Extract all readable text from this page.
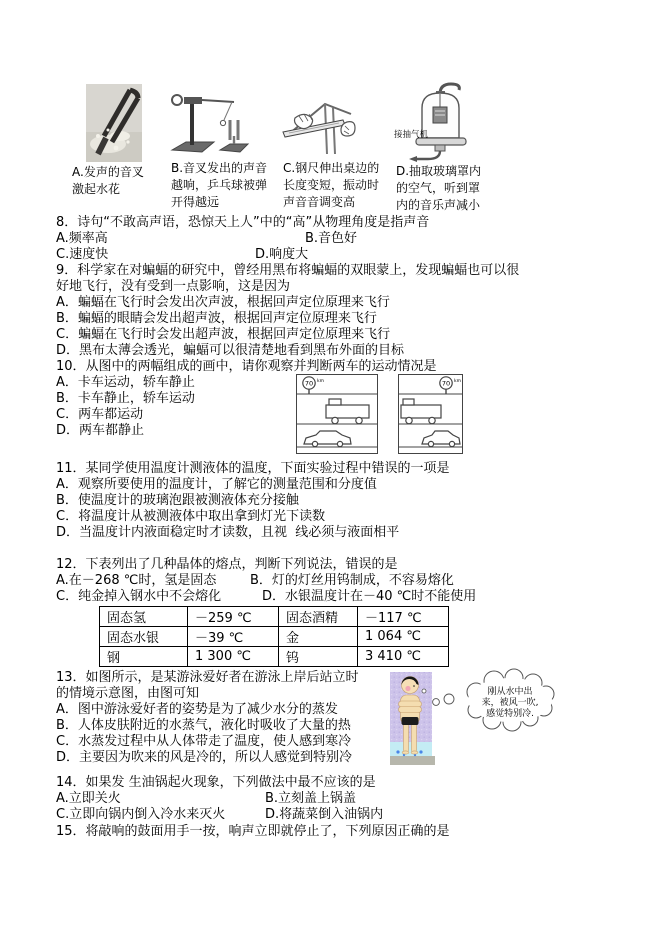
A.发声的音叉
激起水花
B.音叉发出的声音
越响，乒乓球被弹
开得越远
C.钢尺伸出桌边的
长度变短，振动时
声音音调变高
接抽气机
D.抽取玻璃罩内
的空气，听到罩
内的音乐声减小
8．诗句“不敢高声语，恐惊天上人”中的“高”从物理角度是指声音
A.频率高	B.音色好
C.速度快	D.响度大
9．科学家在对蝙蝠的研究中，曾经用黑布将蝙蝠的双眼蒙上，发现蝙蝠也可以很
好地飞行，没有受到一点影响，这是因为
A．蝙蝠在飞行时会发出次声波，根据回声定位原理来飞行
B．蝙蝠的眼睛会发出超声波，根据回声定位原理来飞行
C．蝙蝠在飞行时会发出超声波，根据回声定位原理来飞行
D．黑布太薄会透光，蝙蝠可以很清楚地看到黑布外面的目标
10．从图中的两幅组成的画中，请你观察并判断两车的运动情况是
A．卡车运动，轿车静止
B．卡车静止，轿车运动
C．两车都运动
D．两车都静止
70 km	70 km
11．某同学使用温度计测液体的温度，下面实验过程中错误的一项是
A．观察所要使用的温度计，了解它的测量范围和分度值
B．使温度计的玻璃泡跟被测液体充分接触
C．将温度计从被测液体中取出拿到灯光下读数
D．当温度计内液面稳定时才读数，且视  线必须与液面相平
12．下表列出了几种晶体的熔点，判断下列说法，错误的是
A.在－268 ℃时，氢是固态	B．灯的灯丝用钨制成，不容易熔化
C．纯金掉入钢水中不会熔化	D．水银温度计在－40 ℃时不能使用
固态氢	－259 ℃	固态酒精	－117 ℃
固态水银	－39 ℃	金	1 064 ℃
钢	1 300 ℃	钨	3 410 ℃
13．如图所示，是某游泳爱好者在游泳上岸后站立时
的情境示意图，由图可知
A．图中游泳爱好者的姿势是为了减少水分的蒸发
B．人体皮肤附近的水蒸气，液化时吸收了大量的热
C．水蒸发过程中从人体带走了温度，使人感到寒冷
D．主要因为吹来的风是冷的，所以人感觉到特别冷
刚从水中出
来，被风一吹,
感觉特别冷.
14．如果发 生油锅起火现象，下列做法中最不应该的是
A.立即关火	B.立刻盖上锅盖
C.立即向锅内倒入冷水来灭火	D.将蔬菜倒入油锅内
15．将敲响的鼓面用手一按，响声立即就停止了，下列原因正确的是
